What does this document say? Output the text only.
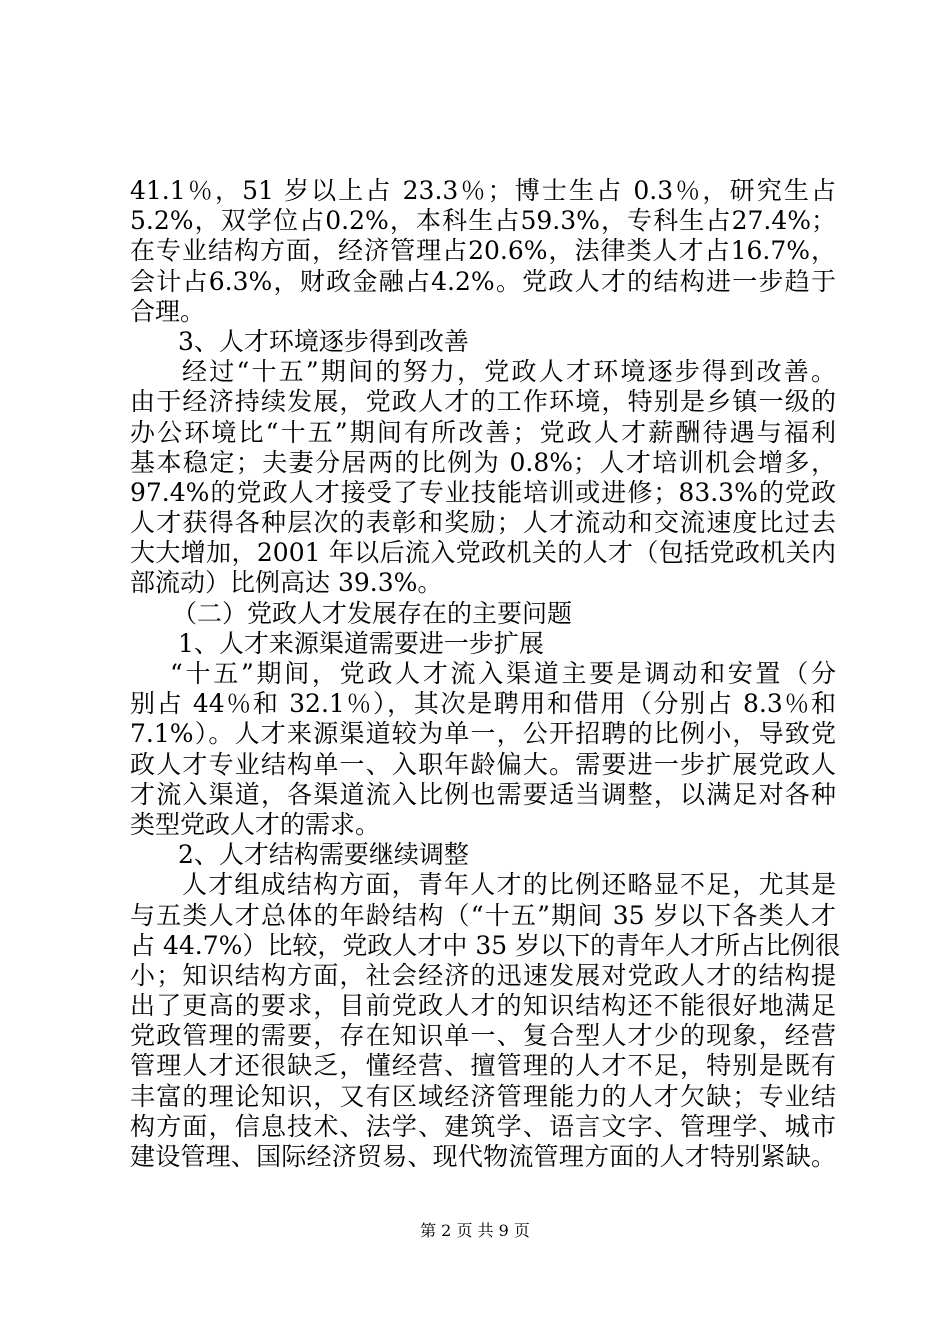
41.1％，51 岁以上占 23.3％；博士生占 0.3％，研究生占
5.2%，双学位占0.2%，本科生占59.3%，专科生占27.4%；
在专业结构方面，经济管理占20.6%，法律类人才占16.7%，
会计占6.3%，财政金融占4.2%。党政人才的结构进一步趋于
合理。
3、人才环境逐步得到改善
经过“十五”期间的努力，党政人才环境逐步得到改善。
由于经济持续发展，党政人才的工作环境，特别是乡镇一级的
办公环境比“十五”期间有所改善；党政人才薪酬待遇与福利
基本稳定；夫妻分居两的比例为 0.8%；人才培训机会增多，
97.4%的党政人才接受了专业技能培训或进修；83.3%的党政
人才获得各种层次的表彰和奖励；人才流动和交流速度比过去
大大增加，2001 年以后流入党政机关的人才（包括党政机关内
部流动）比例高达 39.3%。
（二）党政人才发展存在的主要问题
1、人才来源渠道需要进一步扩展
“十五”期间，党政人才流入渠道主要是调动和安置（分
别占 44％和 32.1％），其次是聘用和借用（分别占 8.3％和
7.1%）。人才来源渠道较为单一，公开招聘的比例小，导致党
政人才专业结构单一、入职年龄偏大。需要进一步扩展党政人
才流入渠道，各渠道流入比例也需要适当调整，以满足对各种
类型党政人才的需求。
2、人才结构需要继续调整
人才组成结构方面，青年人才的比例还略显不足，尤其是
与五类人才总体的年龄结构（“十五”期间 35 岁以下各类人才
占 44.7%）比较，党政人才中 35 岁以下的青年人才所占比例很
小；知识结构方面，社会经济的迅速发展对党政人才的结构提
出了更高的要求，目前党政人才的知识结构还不能很好地满足
党政管理的需要，存在知识单一、复合型人才少的现象，经营
管理人才还很缺乏，懂经营、擅管理的人才不足，特别是既有
丰富的理论知识，又有区域经济管理能力的人才欠缺；专业结
构方面，信息技术、法学、建筑学、语言文字、管理学、城市
建设管理、国际经济贸易、现代物流管理方面的人才特别紧缺。
第 2 页 共 9 页
